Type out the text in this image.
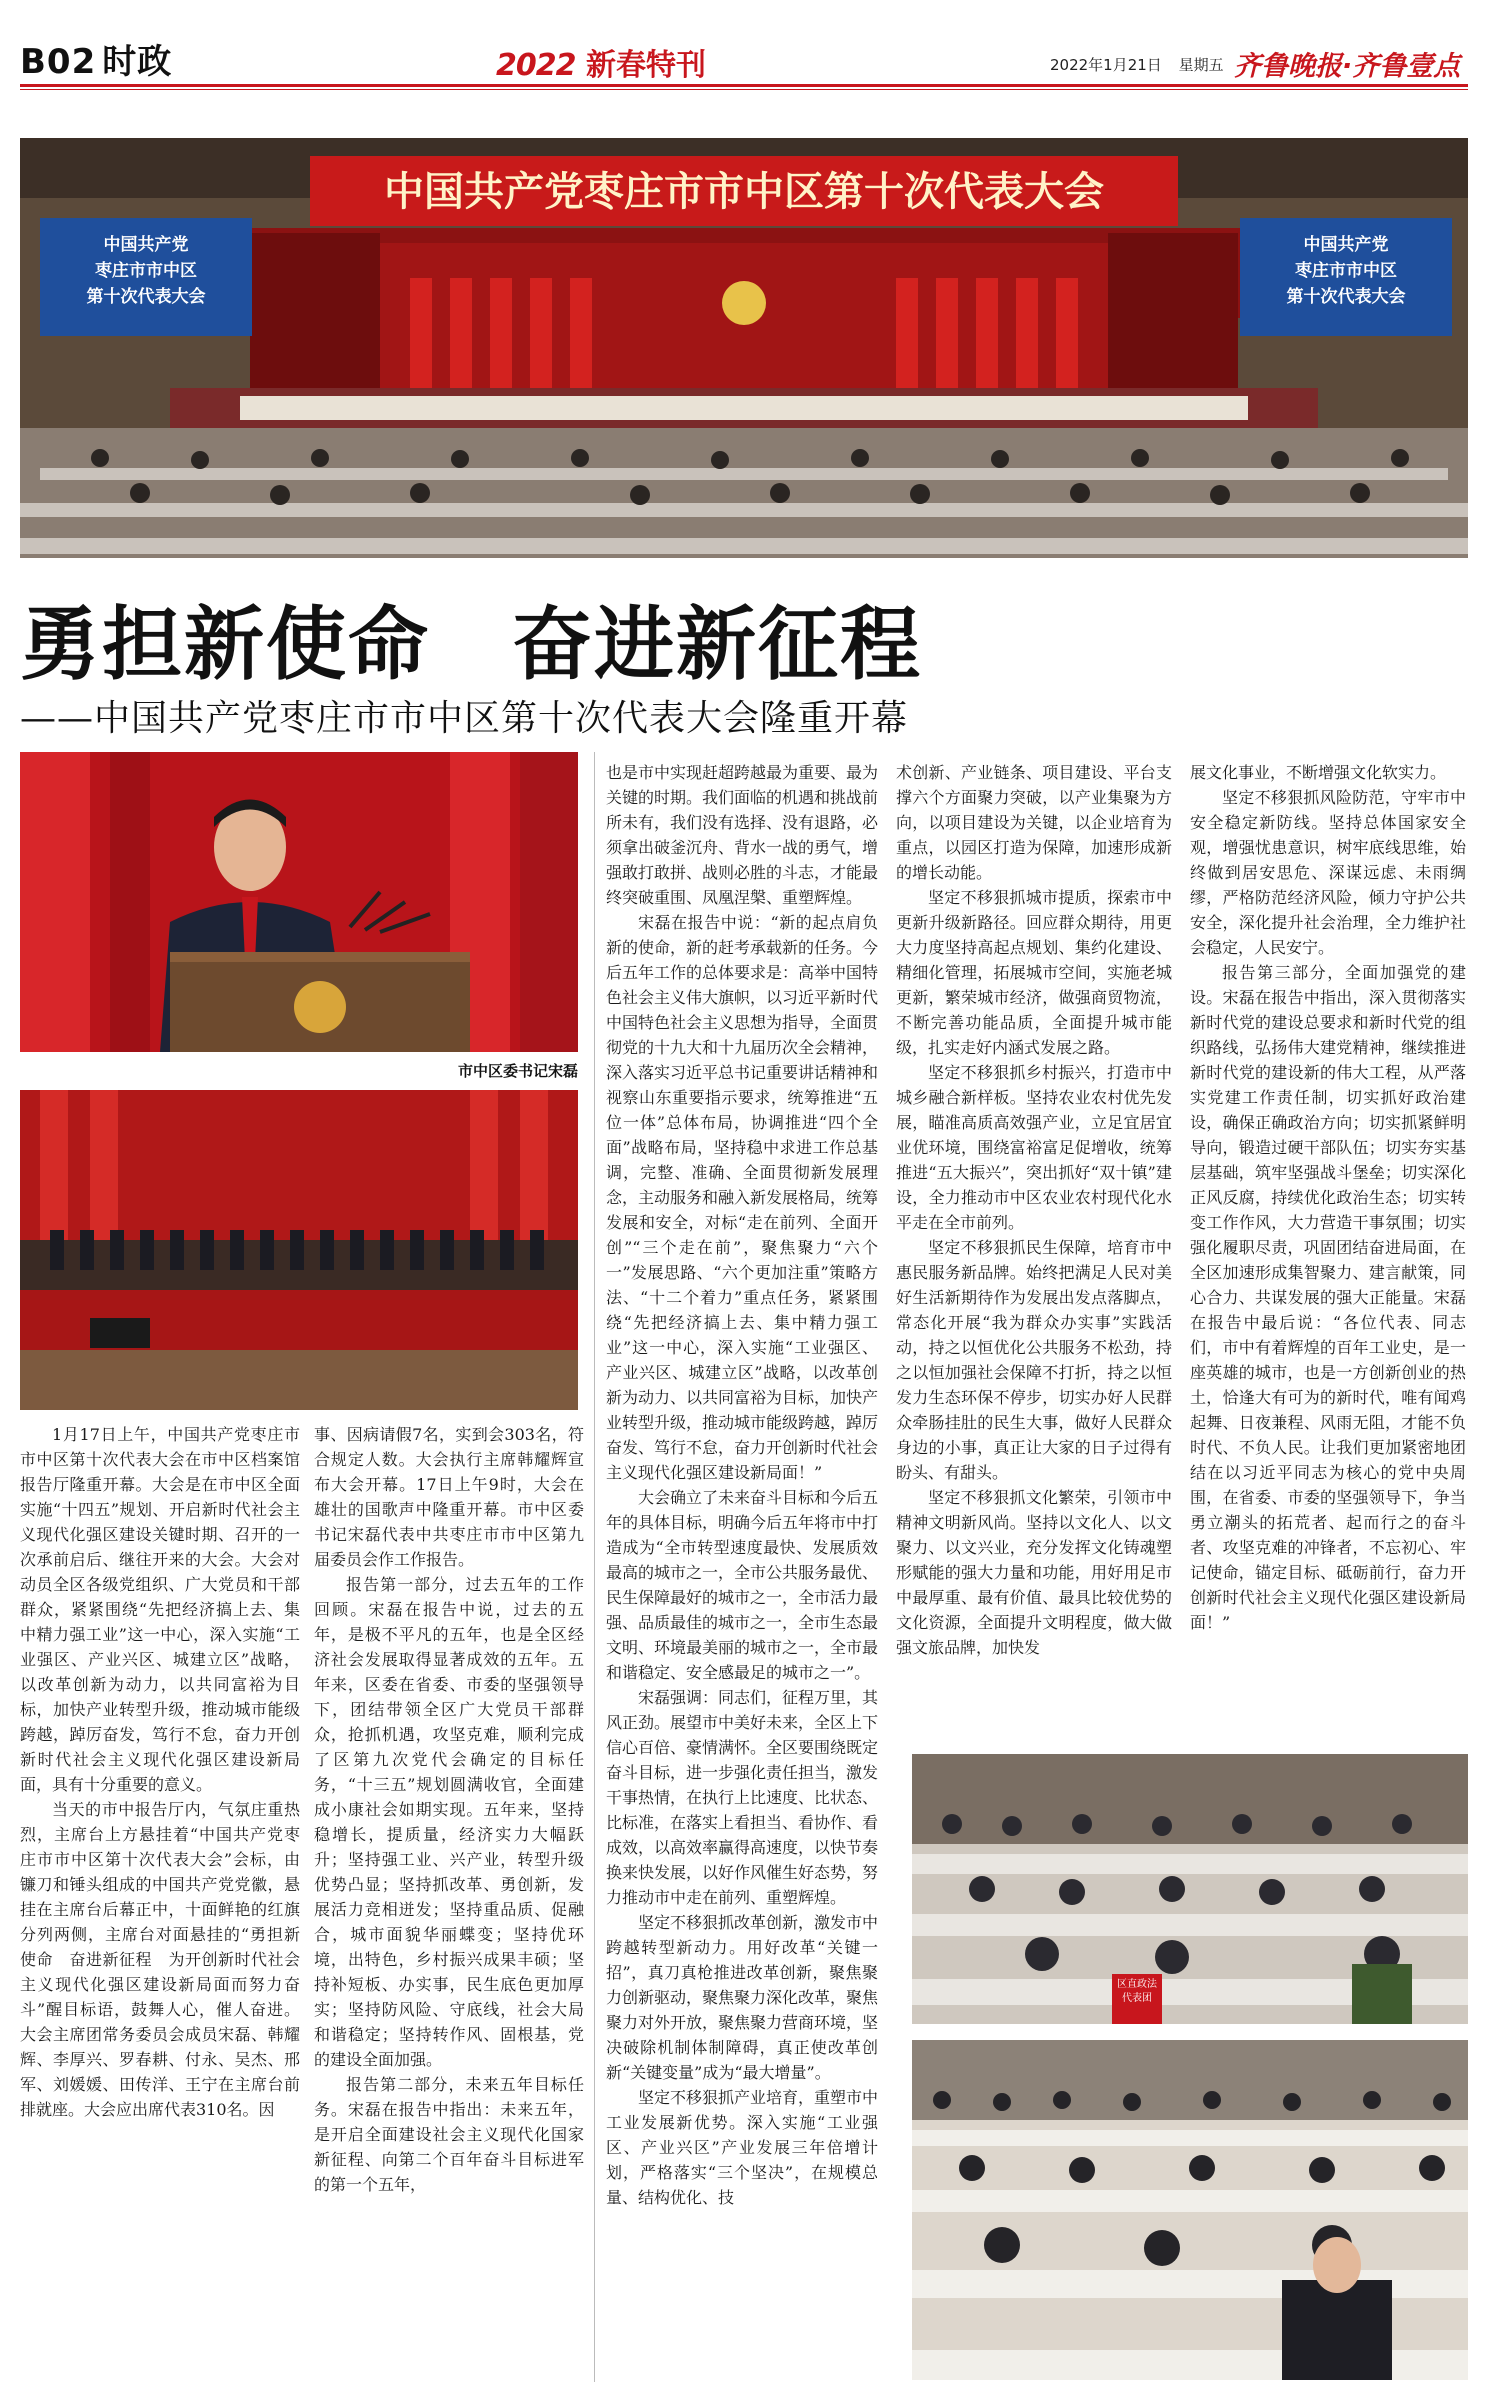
B02 时政	2022 新春特刊	2022年1月21日 星期五 齐鲁晚报·齐鲁壹点
中国共产党枣庄市市中区第十次代表大会
中国共产党
枣庄市市中区
第十次代表大会
中国共产党
枣庄市市中区
第十次代表大会
勇担新使命　奋进新征程
——中国共产党枣庄市市中区第十次代表大会隆重开幕
市中区委书记宋磊

1月17日上午，中国共产党枣庄市市中区第十次代表大会在市中区档案馆报告厅隆重开幕。大会是在市中区全面实施“十四五”规划、开启新时代社会主义现代化强区建设关键时期、召开的一次承前启后、继往开来的大会。大会对动员全区各级党组织、广大党员和干部群众，紧紧围绕“先把经济搞上去、集中精力强工业”这一中心，深入实施“工业强区、产业兴区、城建立区”战略，以改革创新为动力，以共同富裕为目标，加快产业转型升级，推动城市能级跨越，踔厉奋发，笃行不怠，奋力开创新时代社会主义现代化强区建设新局面，具有十分重要的意义。

当天的市中报告厅内，气氛庄重热烈，主席台上方悬挂着“中国共产党枣庄市市中区第十次代表大会”会标，由镰刀和锤头组成的中国共产党党徽，悬挂在主席台后幕正中，十面鲜艳的红旗分列两侧，主席台对面悬挂的“勇担新使命　奋进新征程　为开创新时代社会主义现代化强区建设新局面而努力奋斗”醒目标语，鼓舞人心，催人奋进。大会主席团常务委员会成员宋磊、韩耀辉、李厚兴、罗春耕、付永、吴杰、邢军、刘媛媛、田传洋、王宁在主席台前排就座。大会应出席代表310名。因

事、因病请假7名，实到会303名，符合规定人数。大会执行主席韩耀辉宣布大会开幕。17日上午9时，大会在雄壮的国歌声中隆重开幕。市中区委书记宋磊代表中共枣庄市市中区第九届委员会作工作报告。

报告第一部分，过去五年的工作回顾。宋磊在报告中说，过去的五年，是极不平凡的五年，也是全区经济社会发展取得显著成效的五年。五年来，区委在省委、市委的坚强领导下，团结带领全区广大党员干部群众，抢抓机遇，攻坚克难，顺利完成了区第九次党代会确定的目标任务，“十三五”规划圆满收官，全面建成小康社会如期实现。五年来，坚持稳增长，提质量，经济实力大幅跃升；坚持强工业、兴产业，转型升级优势凸显；坚持抓改革、勇创新，发展活力竞相迸发；坚持重品质、促融合，城市面貌华丽蝶变；坚持优环境，出特色，乡村振兴成果丰硕；坚持补短板、办实事，民生底色更加厚实；坚持防风险、守底线，社会大局和谐稳定；坚持转作风、固根基，党的建设全面加强。

报告第二部分，未来五年目标任务。宋磊在报告中指出：未来五年，是开启全面建设社会主义现代化国家新征程、向第二个百年奋斗目标进军的第一个五年，

也是市中实现赶超跨越最为重要、最为关键的时期。我们面临的机遇和挑战前所未有，我们没有选择、没有退路，必须拿出破釜沉舟、背水一战的勇气，增强敢打敢拼、战则必胜的斗志，才能最终突破重围、凤凰涅槃、重塑辉煌。

宋磊在报告中说：“新的起点肩负新的使命，新的赶考承载新的任务。今后五年工作的总体要求是：高举中国特色社会主义伟大旗帜，以习近平新时代中国特色社会主义思想为指导，全面贯彻党的十九大和十九届历次全会精神，深入落实习近平总书记重要讲话精神和视察山东重要指示要求，统筹推进“五位一体”总体布局，协调推进“四个全面”战略布局，坚持稳中求进工作总基调，完整、准确、全面贯彻新发展理念，主动服务和融入新发展格局，统筹发展和安全，对标“走在前列、全面开创”“三个走在前”，聚焦聚力“六个一”发展思路、“六个更加注重”策略方法、“十二个着力”重点任务，紧紧围绕“先把经济搞上去、集中精力强工业”这一中心，深入实施“工业强区、产业兴区、城建立区”战略，以改革创新为动力、以共同富裕为目标，加快产业转型升级，推动城市能级跨越，踔厉奋发、笃行不怠，奋力开创新时代社会主义现代化强区建设新局面！”

大会确立了未来奋斗目标和今后五年的具体目标，明确今后五年将市中打造成为“全市转型速度最快、发展质效最高的城市之一，全市公共服务最优、民生保障最好的城市之一，全市活力最强、品质最佳的城市之一，全市生态最文明、环境最美丽的城市之一，全市最和谐稳定、安全感最足的城市之一”。

宋磊强调：同志们，征程万里，其风正劲。展望市中美好未来，全区上下信心百倍、豪情满怀。全区要围绕既定奋斗目标，进一步强化责任担当，激发干事热情，在执行上比速度、比状态、比标准，在落实上看担当、看协作、看成效，以高效率赢得高速度，以快节奏换来快发展，以好作风催生好态势，努力推动市中走在前列、重塑辉煌。

坚定不移狠抓改革创新，激发市中跨越转型新动力。用好改革“关键一招”，真刀真枪推进改革创新，聚焦聚力创新驱动，聚焦聚力深化改革，聚焦聚力对外开放，聚焦聚力营商环境，坚决破除机制体制障碍，真正使改革创新“关键变量”成为“最大增量”。

坚定不移狠抓产业培育，重塑市中工业发展新优势。深入实施“工业强区、产业兴区”产业发展三年倍增计划，严格落实“三个坚决”，在规模总量、结构优化、技

术创新、产业链条、项目建设、平台支撑六个方面聚力突破，以产业集聚为方向，以项目建设为关键，以企业培育为重点，以园区打造为保障，加速形成新的增长动能。

坚定不移狠抓城市提质，探索市中更新升级新路径。回应群众期待，用更大力度坚持高起点规划、集约化建设、精细化管理，拓展城市空间，实施老城更新，繁荣城市经济，做强商贸物流，不断完善功能品质，全面提升城市能级，扎实走好内涵式发展之路。

坚定不移狠抓乡村振兴，打造市中城乡融合新样板。坚持农业农村优先发展，瞄准高质高效强产业，立足宜居宜业优环境，围绕富裕富足促增收，统筹推进“五大振兴”，突出抓好“双十镇”建设，全力推动市中区农业农村现代化水平走在全市前列。

坚定不移狠抓民生保障，培育市中惠民服务新品牌。始终把满足人民对美好生活新期待作为发展出发点落脚点，常态化开展“我为群众办实事”实践活动，持之以恒优化公共服务不松劲，持之以恒加强社会保障不打折，持之以恒发力生态环保不停步，切实办好人民群众牵肠挂肚的民生大事，做好人民群众身边的小事，真正让大家的日子过得有盼头、有甜头。

坚定不移狠抓文化繁荣，引领市中精神文明新风尚。坚持以文化人、以文聚力、以文兴业，充分发挥文化铸魂塑形赋能的强大力量和功能，用好用足市中最厚重、最有价值、最具比较优势的文化资源，全面提升文明程度，做大做强文旅品牌，加快发

展文化事业，不断增强文化软实力。

坚定不移狠抓风险防范，守牢市中安全稳定新防线。坚持总体国家安全观，增强忧患意识，树牢底线思维，始终做到居安思危、深谋远虑、未雨绸缪，严格防范经济风险，倾力守护公共安全，深化提升社会治理，全力维护社会稳定，人民安宁。

报告第三部分，全面加强党的建设。宋磊在报告中指出，深入贯彻落实新时代党的建设总要求和新时代党的组织路线，弘扬伟大建党精神，继续推进新时代党的建设新的伟大工程，从严落实党建工作责任制，切实抓好政治建设，确保正确政治方向；切实抓紧鲜明导向，锻造过硬干部队伍；切实夯实基层基础，筑牢坚强战斗堡垒；切实深化正风反腐，持续优化政治生态；切实转变工作作风，大力营造干事氛围；切实强化履职尽责，巩固团结奋进局面，在全区加速形成集智聚力、建言献策，同心合力、共谋发展的强大正能量。宋磊在报告中最后说：“各位代表、同志们，市中有着辉煌的百年工业史，是一座英雄的城市，也是一方创新创业的热土，恰逢大有可为的新时代，唯有闻鸡起舞、日夜兼程、风雨无阻，才能不负时代、不负人民。让我们更加紧密地团结在以习近平同志为核心的党中央周围，在省委、市委的坚强领导下，争当勇立潮头的拓荒者、起而行之的奋斗者、攻坚克难的冲锋者，不忘初心、牢记使命，锚定目标、砥砺前行，奋力开创新时代社会主义现代化强区建设新局面！”

区直政法
代表团
